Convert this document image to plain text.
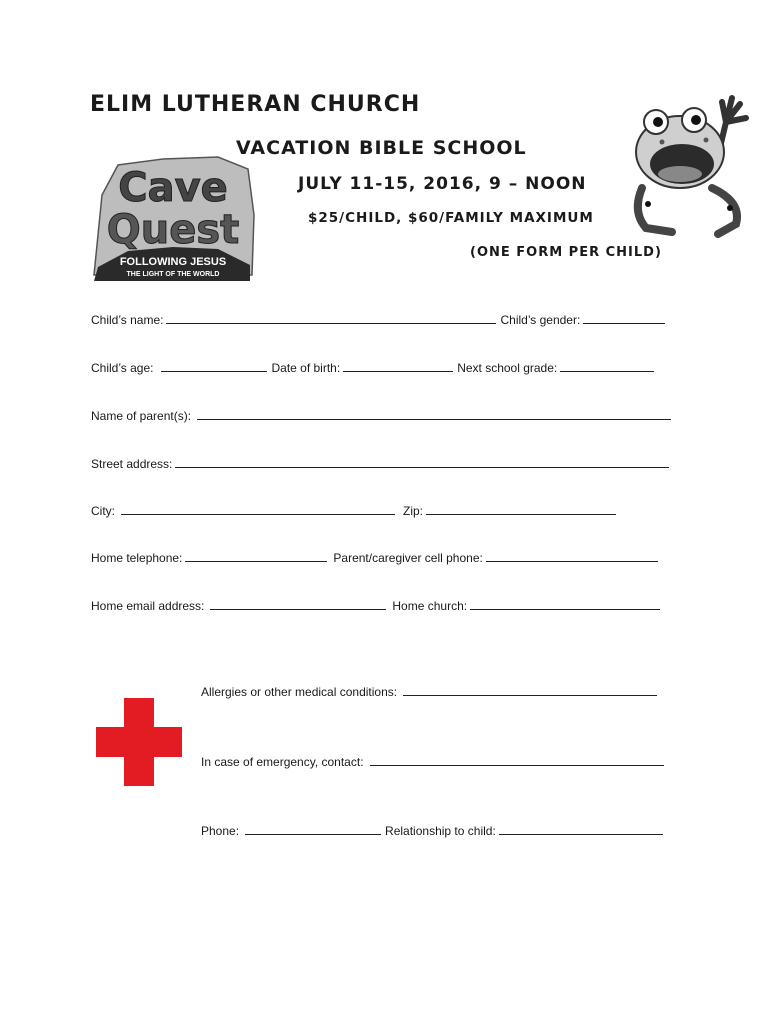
ELIM LUTHERAN CHURCH
VACATION BIBLE SCHOOL
JULY 11-15, 2016, 9 – NOON
$25/CHILD, $60/FAMILY MAXIMUM
(ONE FORM PER CHILD)
Cave
Quest
FOLLOWING JESUS
THE LIGHT OF THE WORLD
Child’s name:	Child’s gender:
Child’s age:	Date of birth:	Next school grade:
Name of parent(s):
Street address:
City:	Zip:
Home telephone:	Parent/caregiver cell phone:
Home email address:	Home church:
Allergies or other medical conditions:
In case of emergency, contact:
Phone:	Relationship to child:
